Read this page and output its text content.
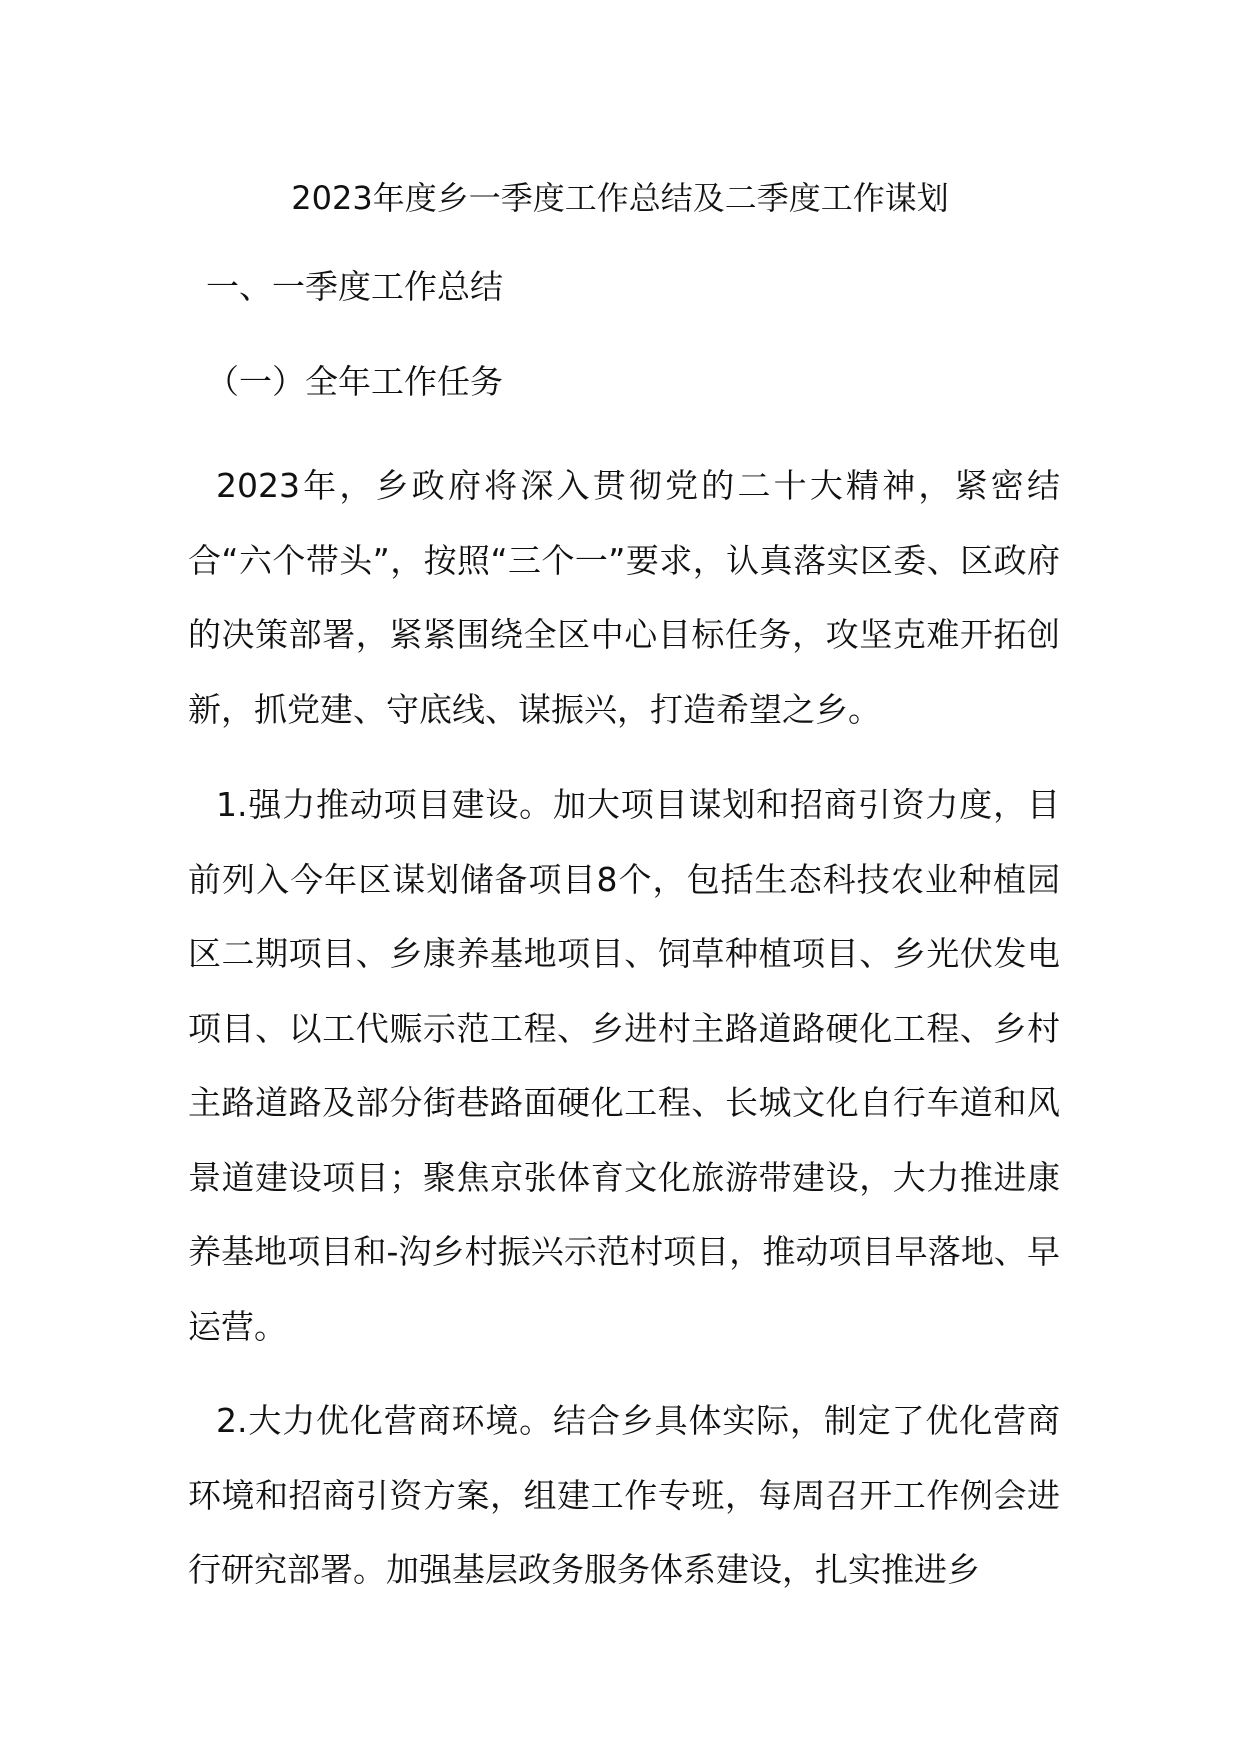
2023年度乡一季度工作总结及二季度工作谋划
一、一季度工作总结
（一）全年工作任务

2023年，乡政府将深入贯彻党的二十大精神，紧密结合“六个带头”，按照“三个一”要求，认真落实区委、区政府的决策部署，紧紧围绕全区中心目标任务，攻坚克难开拓创新，抓党建、守底线、谋振兴，打造希望之乡。

1.强力推动项目建设。加大项目谋划和招商引资力度，目前列入今年区谋划储备项目8个，包括生态科技农业种植园区二期项目、乡康养基地项目、饲草种植项目、乡光伏发电项目、以工代赈示范工程、乡进村主路道路硬化工程、乡村主路道路及部分街巷路面硬化工程、长城文化自行车道和风景道建设项目；聚焦京张体育文化旅游带建设，大力推进康养基地项目和-沟乡村振兴示范村项目，推动项目早落地、早运营。

2.大力优化营商环境。结合乡具体实际，制定了优化营商环境和招商引资方案，组建工作专班，每周召开工作例会进行研究部署。加强基层政务服务体系建设，扎实推进乡
